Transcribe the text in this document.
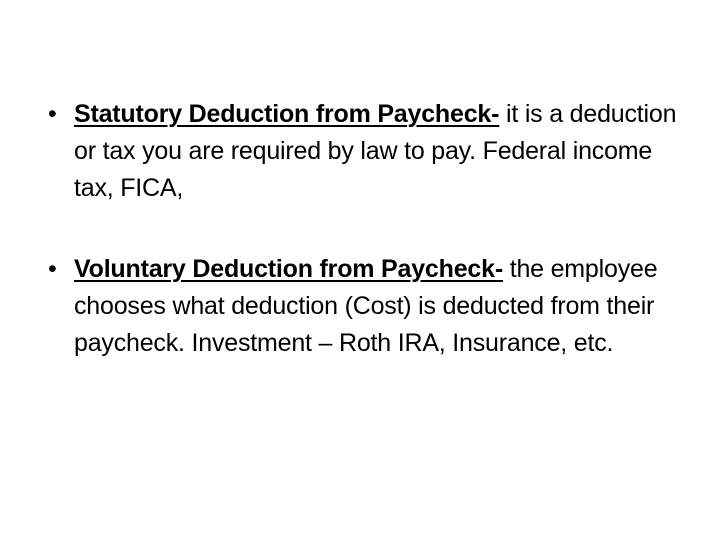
• Statutory Deduction from Paycheck- it is a deduction or tax you are required by law to pay. Federal income tax, FICA,
• Voluntary Deduction from Paycheck- the employee chooses what deduction (Cost) is deducted from their paycheck. Investment – Roth IRA, Insurance, etc.
